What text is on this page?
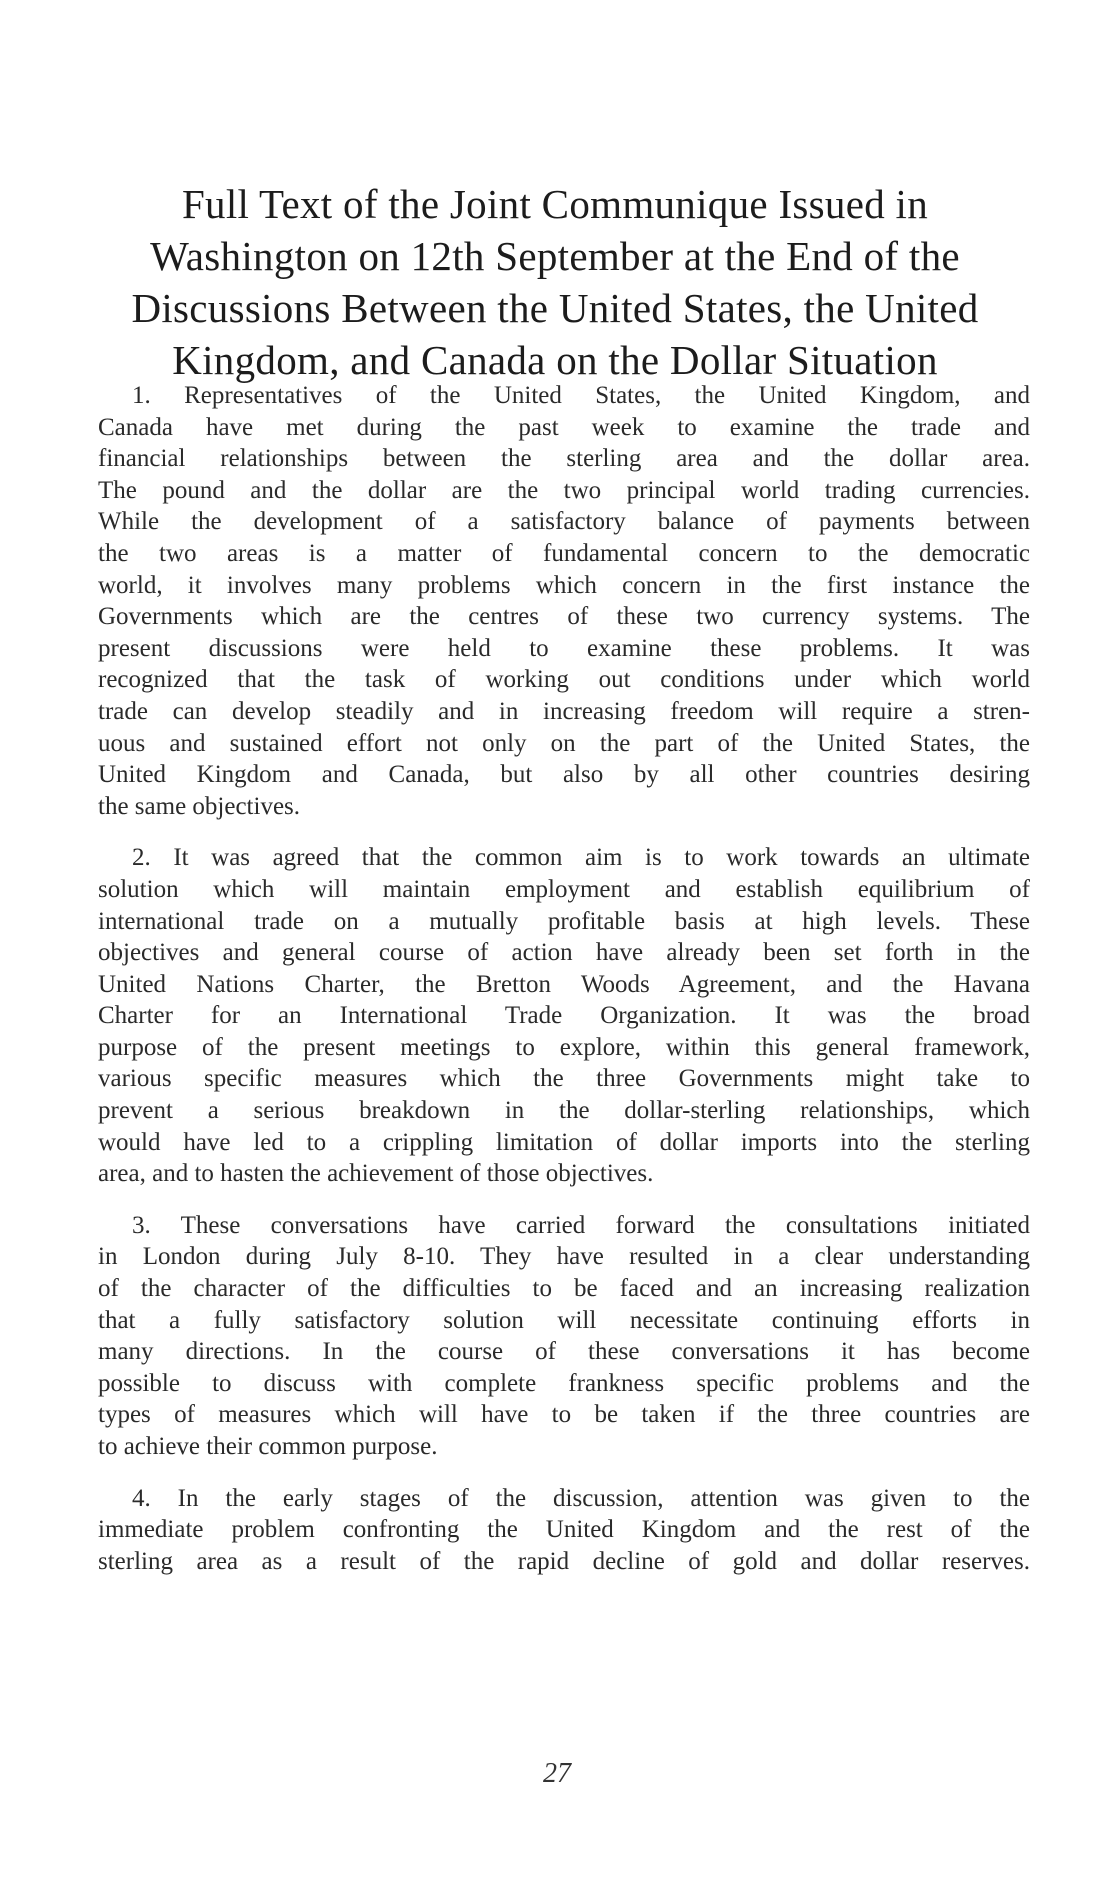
Full Text of the Joint Communique Issued in
Washington on 12th September at the End of the
Discussions Between the United States, the United
Kingdom, and Canada on the Dollar Situation

1. Representatives of the United States, the United Kingdom, and
Canada have met during the past week to examine the trade and
financial relationships between the sterling area and the dollar area.
The pound and the dollar are the two principal world trading currencies.
While the development of a satisfactory balance of payments between
the two areas is a matter of fundamental concern to the democratic
world, it involves many problems which concern in the first instance the
Governments which are the centres of these two currency systems. The
present discussions were held to examine these problems. It was
recognized that the task of working out conditions under which world
trade can develop steadily and in increasing freedom will require a stren-
uous and sustained effort not only on the part of the United States, the
United Kingdom and Canada, but also by all other countries desiring
the same objectives.

2. It was agreed that the common aim is to work towards an ultimate
solution which will maintain employment and establish equilibrium of
international trade on a mutually profitable basis at high levels. These
objectives and general course of action have already been set forth in the
United Nations Charter, the Bretton Woods Agreement, and the Havana
Charter for an International Trade Organization. It was the broad
purpose of the present meetings to explore, within this general framework,
various specific measures which the three Governments might take to
prevent a serious breakdown in the dollar-sterling relationships, which
would have led to a crippling limitation of dollar imports into the sterling
area, and to hasten the achievement of those objectives.

3. These conversations have carried forward the consultations initiated
in London during July 8-10. They have resulted in a clear understanding
of the character of the difficulties to be faced and an increasing realization
that a fully satisfactory solution will necessitate continuing efforts in
many directions. In the course of these conversations it has become
possible to discuss with complete frankness specific problems and the
types of measures which will have to be taken if the three countries are
to achieve their common purpose.

4. In the early stages of the discussion, attention was given to the
immediate problem confronting the United Kingdom and the rest of the
sterling area as a result of the rapid decline of gold and dollar reserves.

27
